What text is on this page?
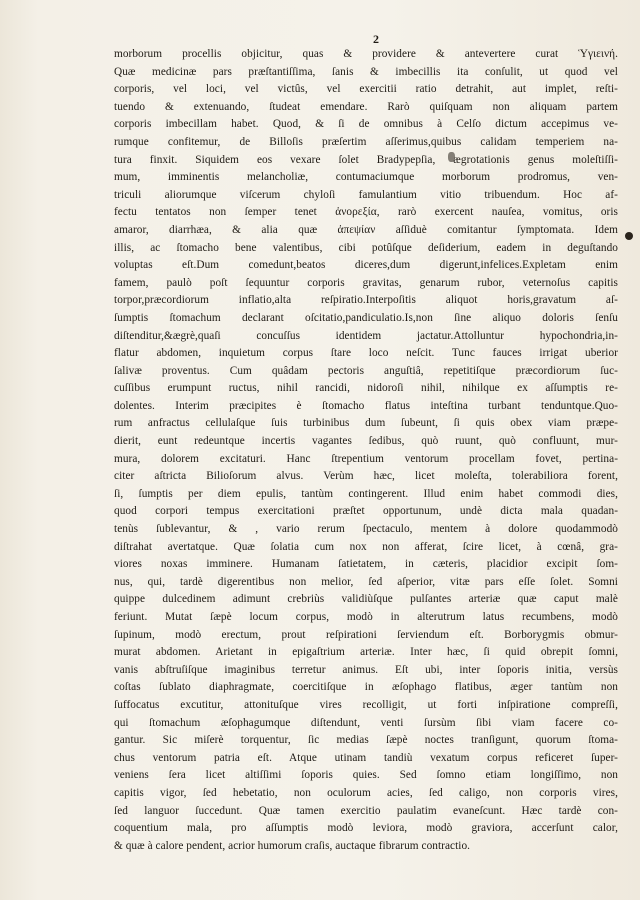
2
morborum procellis objicitur, quas & providere & antevertere curat Ὑγιεινή.
Quæ medicinæ pars præſtantiſſima, ſanis & imbecillis ita conſulit, ut quod vel
corporis, vel loci, vel victûs, vel exercitii ratio detrahit, aut implet, reſti-
tuendo & extenuando, ſtudeat emendare. Rarò quiſquam non aliquam partem
corporis imbecillam habet. Quod, & ſi de omnibus à Celſo dictum accepimus ve-
rumque confitemur, de Billoſis præſertim aſſerimus,quibus calidam temperiem na-
tura finxit. Siquidem eos vexare ſolet Bradypepſia, ægrotationis genus moleſtiſſi-
mum, imminentis melancholiæ, contumaciumque morborum prodromus, ven-
triculi aliorumque viſcerum chyloſi famulantium vitio tribuendum. Hoc af-
fectu tentatos non ſemper tenet ἀνορεξία, rarò exercent nauſea, vomitus, oris
amaror, diarrhæa, & alia quæ ἀπεψίαν aſſiduè comitantur ſymptomata. Idem
illis, ac ſtomacho bene valentibus, cibi potûſque deſiderium, eadem in deguſtando
voluptas eſt.Dum comedunt,beatos diceres,dum digerunt,infelices.Expletam enim
famem, paulò poſt ſequuntur corporis gravitas, genarum rubor, veternoſus capitis
torpor,præcordiorum inflatio,alta reſpiratio.Interpoſitis aliquot horis,gravatum aſ-
ſumptis ſtomachum declarant oſcitatio,pandiculatio.Is,non ſine aliquo doloris ſenſu
diſtenditur,&ægrè,quaſi concuſſus identidem jactatur.Attolluntur hypochondria,in-
flatur abdomen, inquietum corpus ſtare loco neſcit. Tunc fauces irrigat uberior
ſalivæ proventus. Cum quâdam pectoris anguſtiâ, repetitiſque præcordiorum ſuc-
cuſſibus erumpunt ructus, nihil rancidi, nidoroſi nihil, nihilque ex aſſumptis re-
dolentes. Interim præcipites è ſtomacho flatus inteſtina turbant tenduntque.Quo-
rum anfractus cellulaſque ſuis turbinibus dum ſubeunt, ſi quis obex viam præpe-
dierit, eunt redeuntque incertis vagantes ſedibus, quò ruunt, quò confluunt, mur-
mura, dolorem excitaturi. Hanc ſtrepentium ventorum procellam fovet, pertina-
citer aſtricta Bilioſorum alvus. Verùm hæc, licet moleſta, tolerabiliora forent,
ſi, ſumptis per diem epulis, tantùm contingerent. Illud enim habet commodi dies,
quod corpori tempus exercitationi præſtet opportunum, undè dicta mala quadan-
tenùs ſublevantur, & , vario rerum ſpectaculo, mentem à dolore quodammodò
diſtrahat avertatque. Quæ ſolatia cum nox non afferat, ſcire licet, à cœnâ, gra-
viores noxas imminere. Humanam ſatietatem, in cæteris, placidior excipit ſom-
nus, qui, tardè digerentibus non melior, ſed aſperior, vitæ pars eſſe ſolet. Somni
quippe dulcedinem adimunt crebriùs validiùſque pulſantes arteriæ quæ caput malè
feriunt. Mutat ſæpè locum corpus, modò in alterutrum latus recumbens, modò
ſupinum, modò erectum, prout reſpirationi ſerviendum eſt. Borborygmis obmur-
murat abdomen. Arietant in epigaſtrium arteriæ. Inter hæc, ſi quid obrepit ſomni,
vanis abſtruſiſque imaginibus terretur animus. Eſt ubi, inter ſoporis initia, versùs
coſtas ſublato diaphragmate, coercitiſque in æſophago flatibus, æger tantùm non
ſuffocatus excutitur, attonituſque vires recolligit, ut forti inſpiratione compreſſi,
qui ſtomachum æſophagumque diſtendunt, venti ſursùm ſibi viam facere co-
gantur. Sic miſerè torquentur, ſic medias ſæpè noctes tranſigunt, quorum ſtoma-
chus ventorum patria eſt. Atque utinam tandiù vexatum corpus reficeret ſuper-
veniens ſera licet altiſſimi ſoporis quies. Sed ſomno etiam longiſſimo, non
capitis vigor, ſed hebetatio, non oculorum acies, ſed caligo, non corporis vires,
ſed languor ſuccedunt. Quæ tamen exercitio paulatim evaneſcunt. Hæc tardè con-
coquentium mala, pro aſſumptis modò leviora, modò graviora, accerſunt calor,
& quæ à calore pendent, acrior humorum craſis, auctaque fibrarum contractio.
